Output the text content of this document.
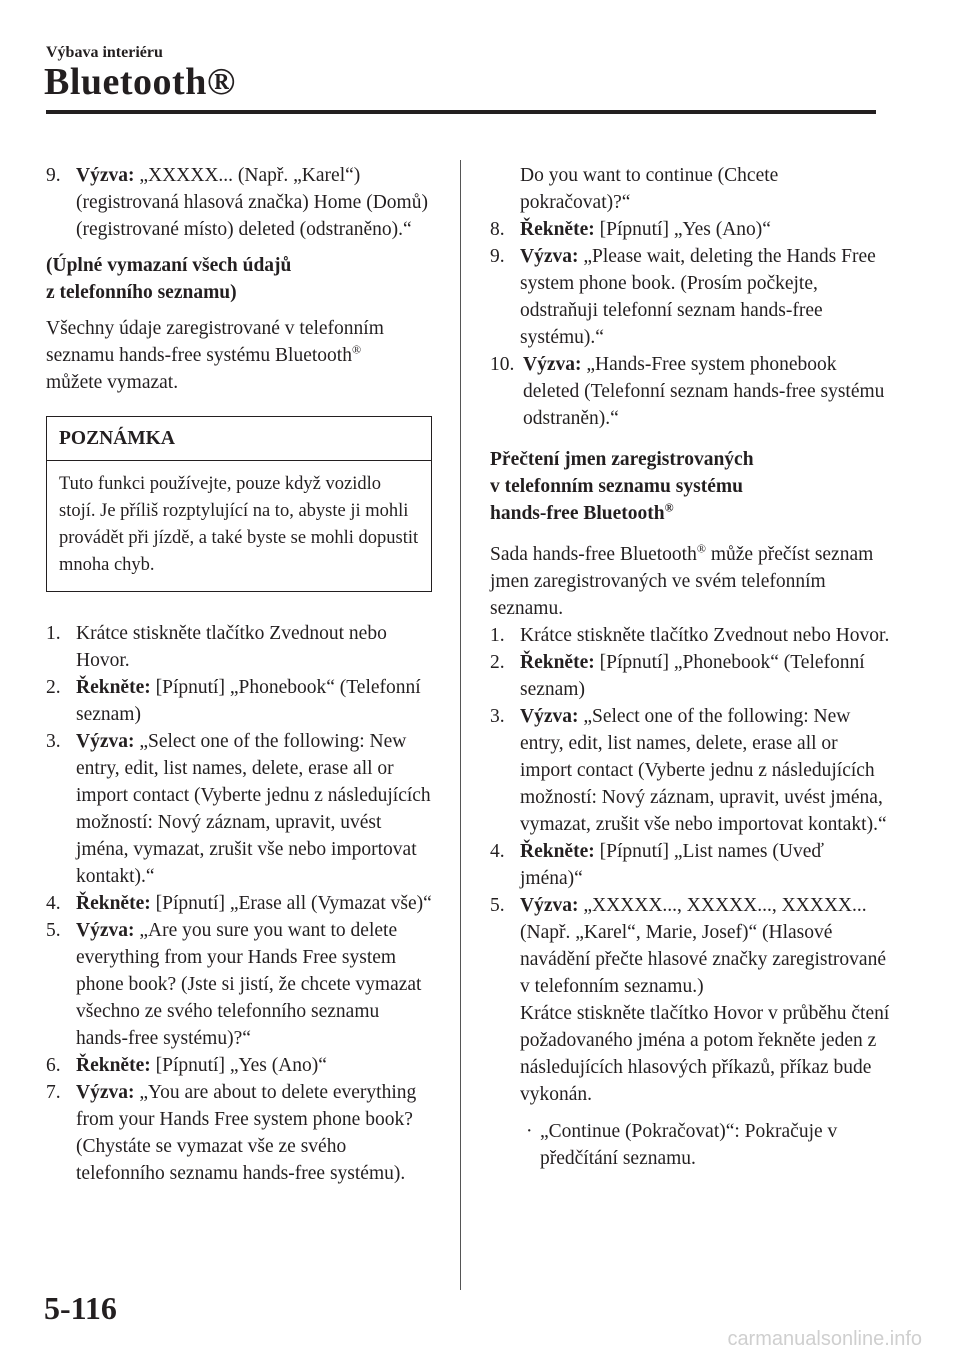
Výbava interiéru
Bluetooth®
9. Výzva: „XXXXX... (Např. „Karel“) (registrovaná hlasová značka) Home (Domů) (registrované místo) deleted (odstraněno).“

(Úplné vymazaní všech údajů
z telefonního seznamu)

Všechny údaje zaregistrované v telefonním seznamu hands-free systému Bluetooth®
můžete vymazat.

POZNÁMKA
Tuto funkci používejte, pouze když vozidlo stojí. Je příliš rozptylující na to, abyste ji mohli provádět při jízdě, a také byste se mohli dopustit mnoha chyb.
1. Krátce stiskněte tlačítko Zvednout nebo Hovor.
2. Řekněte: [Pípnutí] „Phonebook“ (Telefonní seznam)
3. Výzva: „Select one of the following: New entry, edit, list names, delete, erase all or import contact (Vyberte jednu z následujících možností: Nový záznam, upravit, uvést jména, vymazat, zrušit vše nebo importovat kontakt).“
4. Řekněte: [Pípnutí] „Erase all (Vymazat vše)“
5. Výzva: „Are you sure you want to delete everything from your Hands Free system phone book? (Jste si jistí, že chcete vymazat všechno ze svého telefonního seznamu hands-free systému)?“
6. Řekněte: [Pípnutí] „Yes (Ano)“
7. Výzva: „You are about to delete everything from your Hands Free system phone book? (Chystáte se vymazat vše ze svého telefonního seznamu hands-free systému).
Do you want to continue (Chcete pokračovat)?“
8. Řekněte: [Pípnutí] „Yes (Ano)“
9. Výzva: „Please wait, deleting the Hands Free system phone book. (Prosím počkejte, odstraňuji telefonní seznam hands-free systému).“
10. Výzva: „Hands-Free system phonebook deleted (Telefonní seznam hands-free systému odstraněn).“

Přečtení jmen zaregistrovaných
v telefonním seznamu systému
hands-free Bluetooth®

Sada hands-free Bluetooth® může přečíst seznam jmen zaregistrovaných ve svém telefonním seznamu.

1. Krátce stiskněte tlačítko Zvednout nebo Hovor.
2. Řekněte: [Pípnutí] „Phonebook“ (Telefonní seznam)
3. Výzva: „Select one of the following: New entry, edit, list names, delete, erase all or import contact (Vyberte jednu z následujících možností: Nový záznam, upravit, uvést jména, vymazat, zrušit vše nebo importovat kontakt).“
4. Řekněte: [Pípnutí] „List names (Uveď jména)“
5. Výzva: „XXXXX..., XXXXX..., XXXXX... (Např. „Karel“, Marie, Josef)“ (Hlasové navádění přečte hlasové značky zaregistrované v telefonním seznamu.)
Krátce stiskněte tlačítko Hovor v průběhu čtení požadovaného jména a potom řekněte jeden z následujících hlasových příkazů, příkaz bude vykonán.
· „Continue (Pokračovat)“: Pokračuje v předčítání seznamu.
5-116
carmanualsonline.info
